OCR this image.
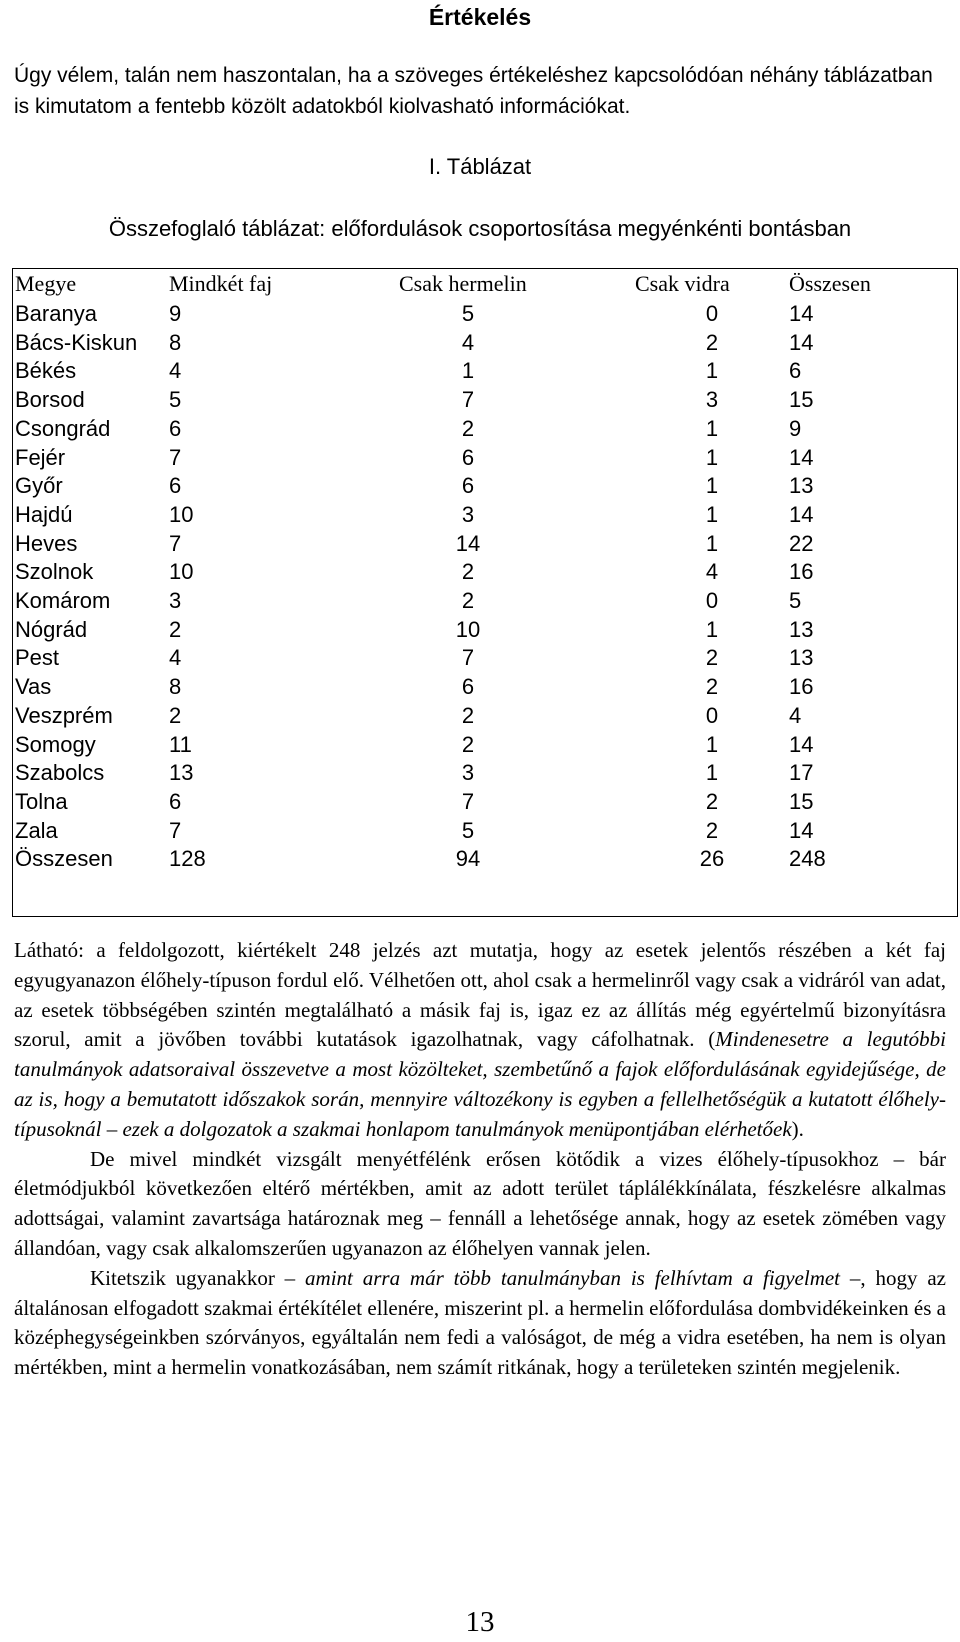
Értékelés
Úgy vélem, talán nem haszontalan, ha a szöveges értékeléshez kapcsolódóan néhány táblázatban is kimutatom a fentebb közölt adatokból kiolvasható információkat.
I. Táblázat
Összefoglaló táblázat: előfordulások csoportosítása megyénkénti bontásban
Megye	Mindkét faj	Csak hermelin	Csak vidra	Összesen
Baranya	9	5	0	14
Bács-Kiskun 8	4	2	14
Békés	4	1	1	6
Borsod	5	7	3	15
Csongrád	6	2	1	9
Fejér	7	6	1	14
Győr	6	6	1	13
Hajdú	10	3	1	14
Heves	7	14	1	22
Szolnok	10	2	4	16
Komárom	3	2	0	5
Nógrád	2	10	1	13
Pest	4	7	2	13
Vas	8	6	2	16
Veszprém	2	2	0	4
Somogy	11	2	1	14
Szabolcs	13	3	1	17
Tolna	6	7	2	15
Zala	7	5	2	14
Összesen	128	94	26	248

Látható: a feldolgozott, kiértékelt 248 jelzés azt mutatja, hogy az esetek jelentős részében a két faj egyugyanazon élőhely-típuson fordul elő. Vélhetően ott, ahol csak a hermelinről vagy csak a vidráról van adat, az esetek többségében szintén megtalálható a másik faj is, igaz ez az állítás még egyértelmű bizonyításra szorul, amit a jövőben további kutatások igazolhatnak, vagy cáfolhatnak. (Mindenesetre a legutóbbi tanulmányok adatsoraival összevetve a most közölteket, szembetűnő a fajok előfordulásának egyidejűsége, de az is, hogy a bemutatott időszakok során, mennyire változékony is egyben a fellelhetőségük a kutatott élőhely-típusoknál – ezek a dolgozatok a szakmai honlapom tanulmányok menüpontjában elérhetőek).

De mivel mindkét vizsgált menyétfélénk erősen kötődik a vizes élőhely-típusokhoz – bár életmódjukból következően eltérő mértékben, amit az adott terület táplálékkínálata, fészkelésre alkalmas adottságai, valamint zavartsága határoznak meg – fennáll a lehetősége annak, hogy az esetek zömében vagy állandóan, vagy csak alkalomszerűen ugyanazon az élőhelyen vannak jelen.

Kitetszik ugyanakkor – amint arra már több tanulmányban is felhívtam a figyelmet –, hogy az általánosan elfogadott szakmai értékítélet ellenére, miszerint pl. a hermelin előfordulása dombvidékeinken és a középhegységeinkben szórványos, egyáltalán nem fedi a valóságot, de még a vidra esetében, ha nem is olyan mértékben, mint a hermelin vonatkozásában, nem számít ritkának, hogy a területeken szintén megjelenik.

13
